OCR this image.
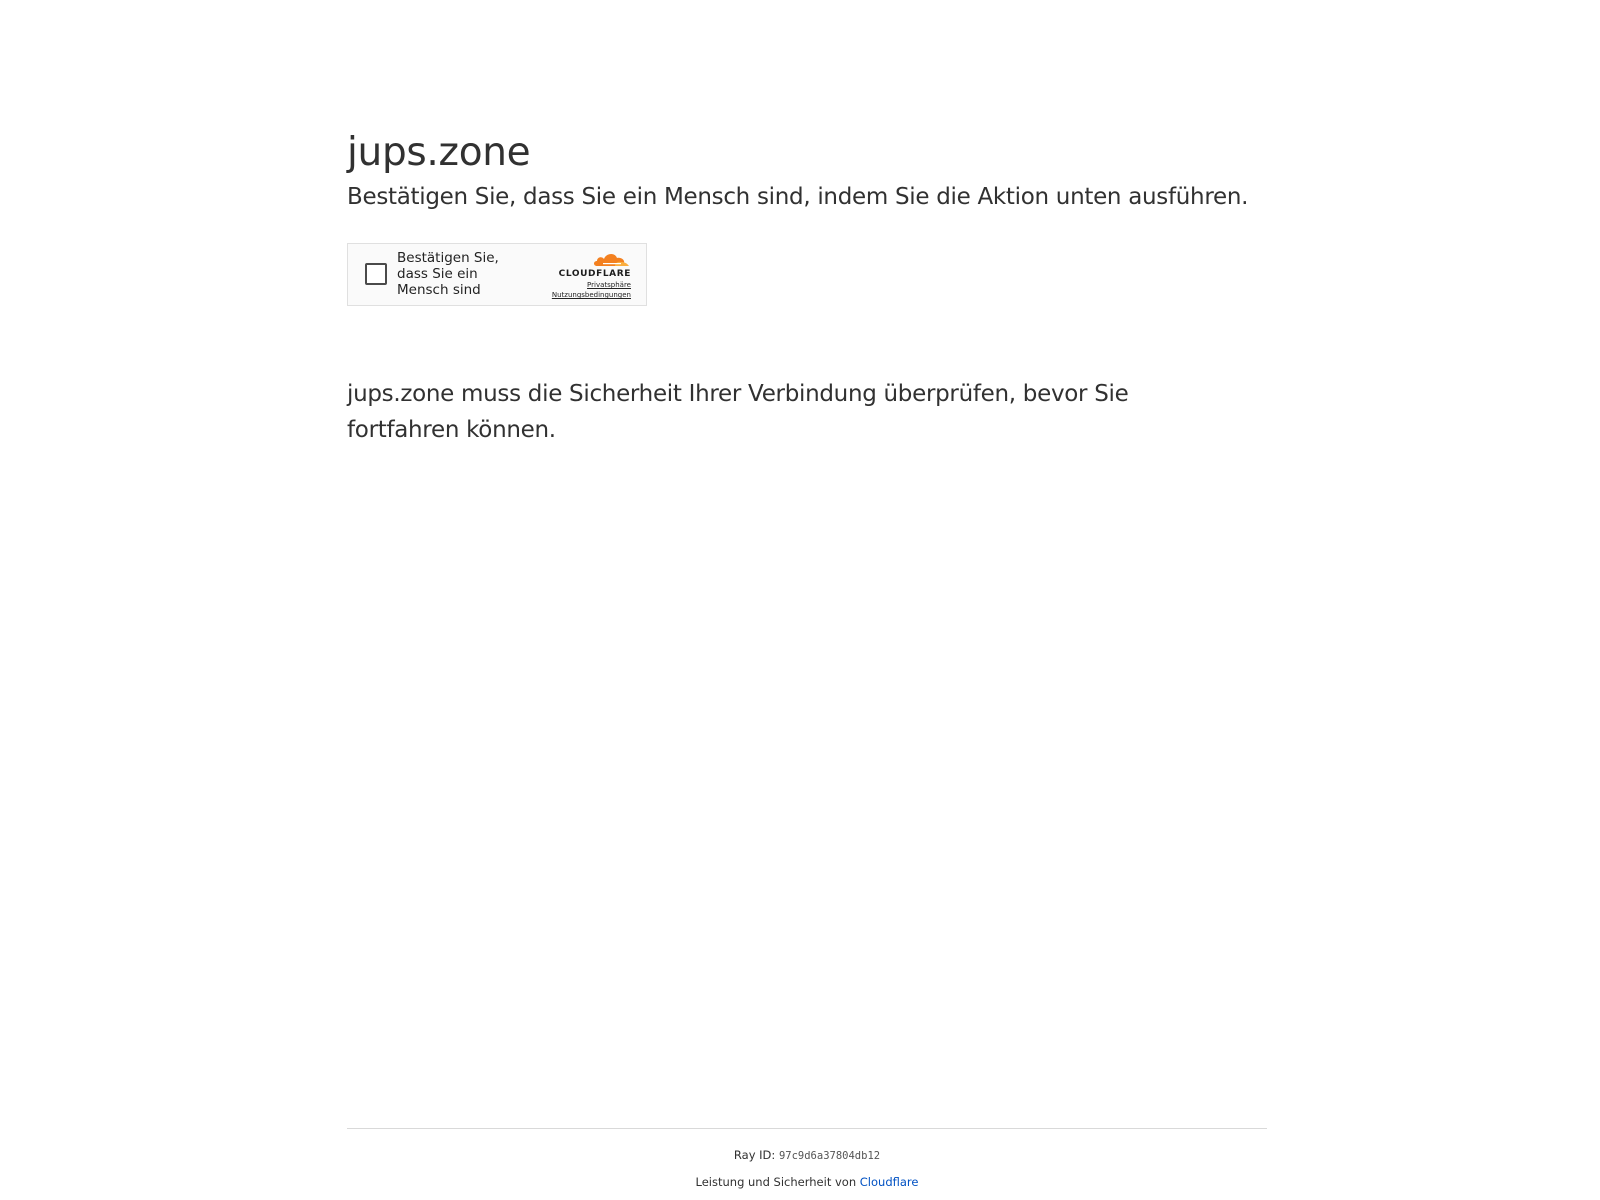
jups.zone
Bestätigen Sie, dass Sie ein Mensch sind, indem Sie die Aktion unten ausführen.
Bestätigen Sie, dass Sie ein Mensch sind
CLOUDFLARE
Privatsphäre
Nutzungsbedingungen

jups.zone muss die Sicherheit Ihrer Verbindung überprüfen, bevor Sie fortfahren können.

Ray ID: 97c9d6a37804db12
Leistung und Sicherheit von Cloudflare
